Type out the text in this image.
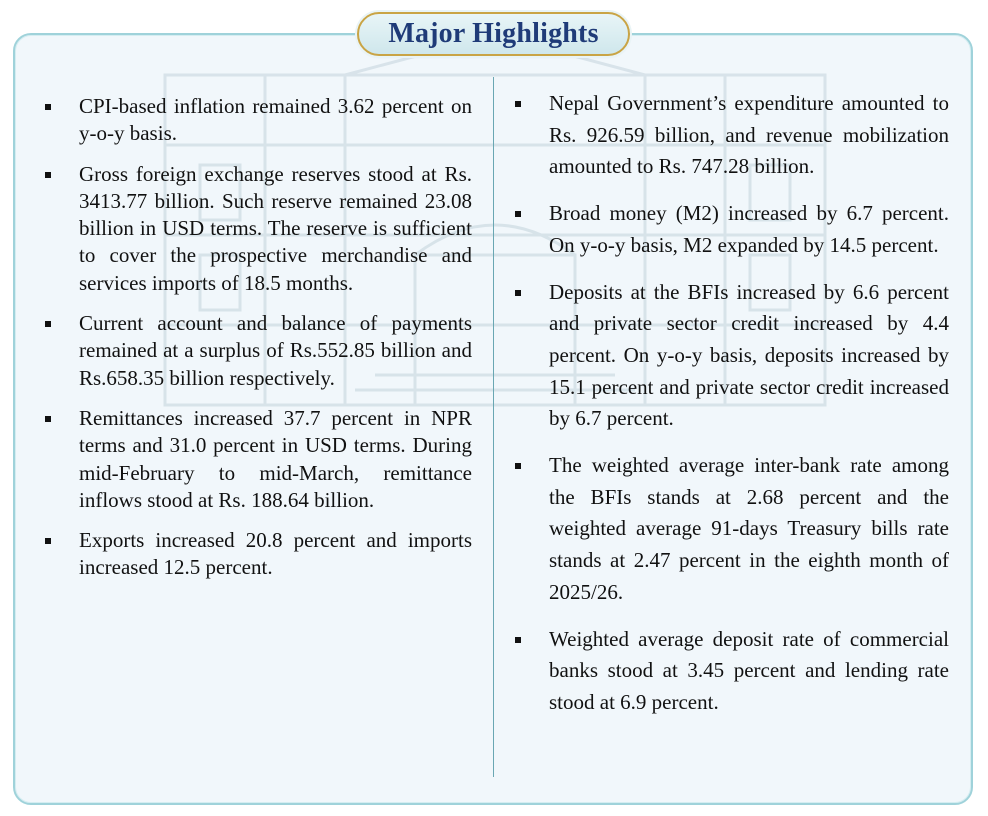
Major Highlights
CPI-based inflation remained 3.62 percent on y-o-y basis.
Gross foreign exchange reserves stood at Rs. 3413.77 billion. Such reserve remained 23.08 billion in USD terms. The reserve is sufficient to cover the prospective merchandise and services imports of 18.5 months.
Current account and balance of payments remained at a surplus of Rs.552.85 billion and Rs.658.35 billion respectively.
Remittances increased 37.7 percent in NPR terms and 31.0 percent in USD terms. During mid-February to mid-March, remittance inflows stood at Rs. 188.64 billion.
Exports increased 20.8 percent and imports increased 12.5 percent.
Nepal Government’s expenditure amounted to Rs. 926.59 billion, and revenue mobilization amounted to Rs. 747.28 billion.
Broad money (M2) increased by 6.7 percent. On y-o-y basis, M2 expanded by 14.5 percent.
Deposits at the BFIs increased by 6.6 percent and private sector credit increased by 4.4 percent. On y-o-y basis, deposits increased by 15.1 percent and private sector credit increased by 6.7 percent.
The weighted average inter-bank rate among the BFIs stands at 2.68 percent and the weighted average 91-days Treasury bills rate stands at 2.47 percent in the eighth month of 2025/26.
Weighted average deposit rate of commercial banks stood at 3.45 percent and lending rate stood at 6.9 percent.
